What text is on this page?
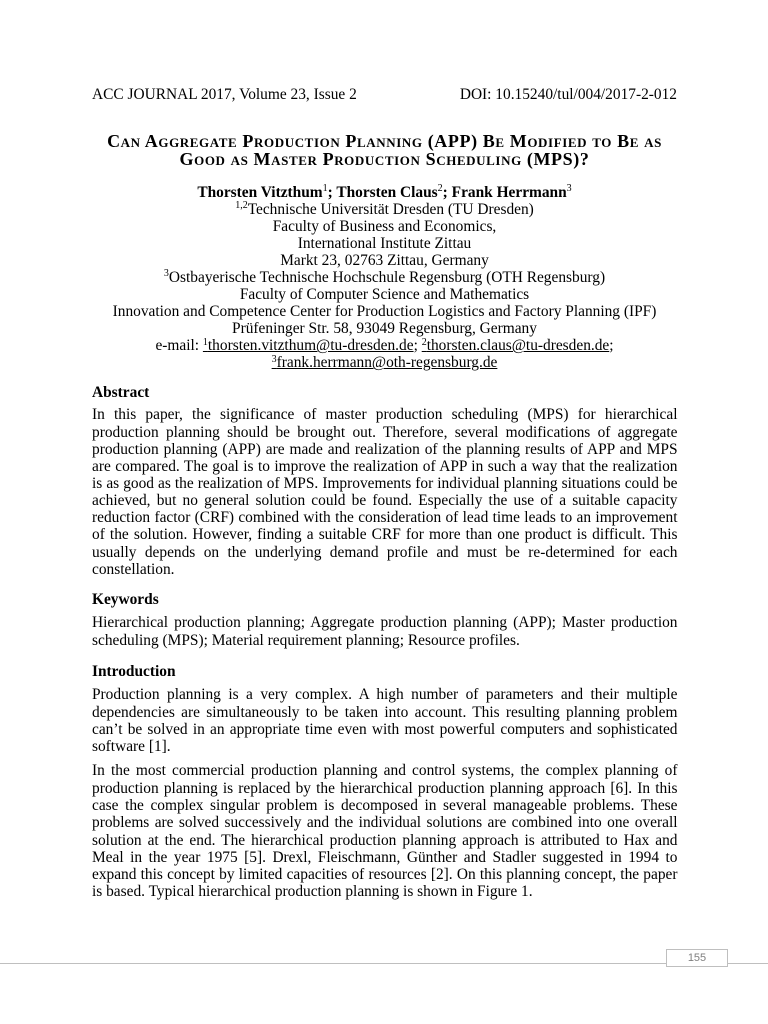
ACC JOURNAL 2017, Volume 23, Issue 2	DOI: 10.15240/tul/004/2017-2-012
Can Aggregate Production Planning (APP) Be Modified to Be as
Good as Master Production Scheduling (MPS)?
Thorsten Vitzthum$^1$; Thorsten Claus$^2$; Frank Herrmann$^3$
$^{1,2}$Technische Universität Dresden (TU Dresden)
Faculty of Business and Economics,
International Institute Zittau
Markt 23, 02763 Zittau, Germany
$^3$Ostbayerische Technische Hochschule Regensburg (OTH Regensburg)
Faculty of Computer Science and Mathematics
Innovation and Competence Center for Production Logistics and Factory Planning (IPF)
Prüfeninger Str. 58, 93049 Regensburg, Germany
e-mail: $^1$thorsten.vitzthum@tu-dresden.de; $^2$thorsten.claus@tu-dresden.de;
$^3$frank.herrmann@oth-regensburg.de
Abstract
In this paper, the significance of master production scheduling (MPS) for hierarchical production planning should be brought out. Therefore, several modifications of aggregate production planning (APP) are made and realization of the planning results of APP and MPS are compared. The goal is to improve the realization of APP in such a way that the realization is as good as the realization of MPS. Improvements for individual planning situations could be achieved, but no general solution could be found. Especially the use of a suitable capacity reduction factor (CRF) combined with the consideration of lead time leads to an improvement of the solution. However, finding a suitable CRF for more than one product is difficult. This usually depends on the underlying demand profile and must be re-determined for each constellation.
Keywords
Hierarchical production planning; Aggregate production planning (APP); Master production scheduling (MPS); Material requirement planning; Resource profiles.
Introduction
Production planning is a very complex. A high number of parameters and their multiple dependencies are simultaneously to be taken into account. This resulting planning problem can’t be solved in an appropriate time even with most powerful computers and sophisticated software [1].
In the most commercial production planning and control systems, the complex planning of production planning is replaced by the hierarchical production planning approach [6]. In this case the complex singular problem is decomposed in several manageable problems. These problems are solved successively and the individual solutions are combined into one overall solution at the end. The hierarchical production planning approach is attributed to Hax and Meal in the year 1975 [5]. Drexl, Fleischmann, Günther and Stadler suggested in 1994 to expand this concept by limited capacities of resources [2]. On this planning concept, the paper is based. Typical hierarchical production planning is shown in Figure 1.
155
